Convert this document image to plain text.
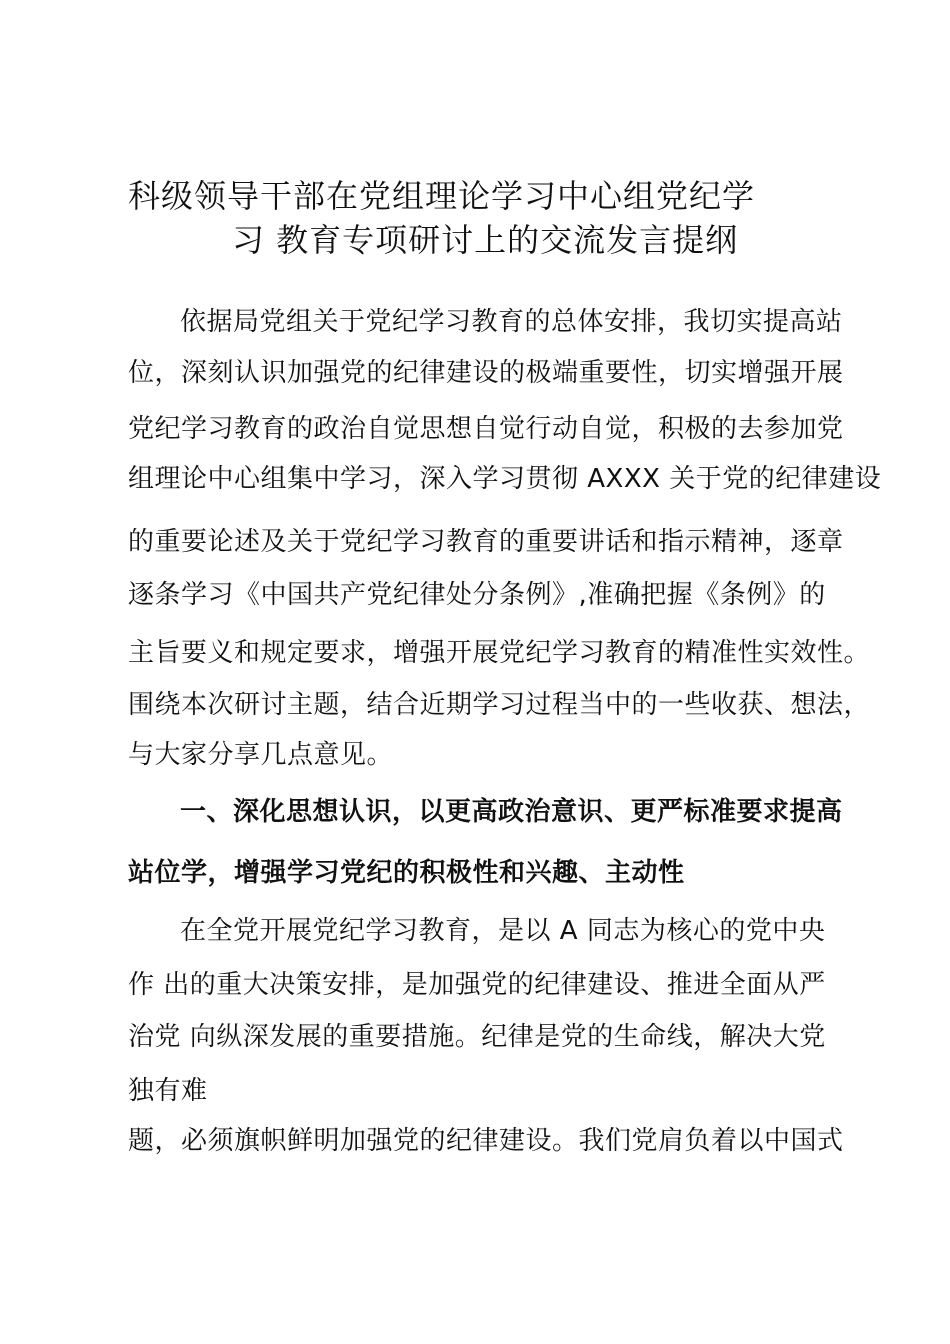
科级领导干部在党组理论学习中心组党纪学
习 教育专项研讨上的交流发言提纲
依据局党组关于党纪学习教育的总体安排，我切实提高站
位，深刻认识加强党的纪律建设的极端重要性，切实增强开展
党纪学习教育的政治自觉思想自觉行动自觉，积极的去参加党
组理论中心组集中学习，深入学习贯彻 AXXX 关于党的纪律建设
的重要论述及关于党纪学习教育的重要讲话和指示精神，逐章
逐条学习《中国共产党纪律处分条例》,准确把握《条例》的
主旨要义和规定要求，增强开展党纪学习教育的精准性实效性。
围绕本次研讨主题，结合近期学习过程当中的一些收获、想法，
与大家分享几点意见。
一、深化思想认识，以更高政治意识、更严标准要求提高
站位学，增强学习党纪的积极性和兴趣、主动性
在全党开展党纪学习教育，是以 A 同志为核心的党中央
作 出的重大决策安排，是加强党的纪律建设、推进全面从严
治党 向纵深发展的重要措施。纪律是党的生命线，解决大党
独有难
题，必须旗帜鲜明加强党的纪律建设。我们党肩负着以中国式
